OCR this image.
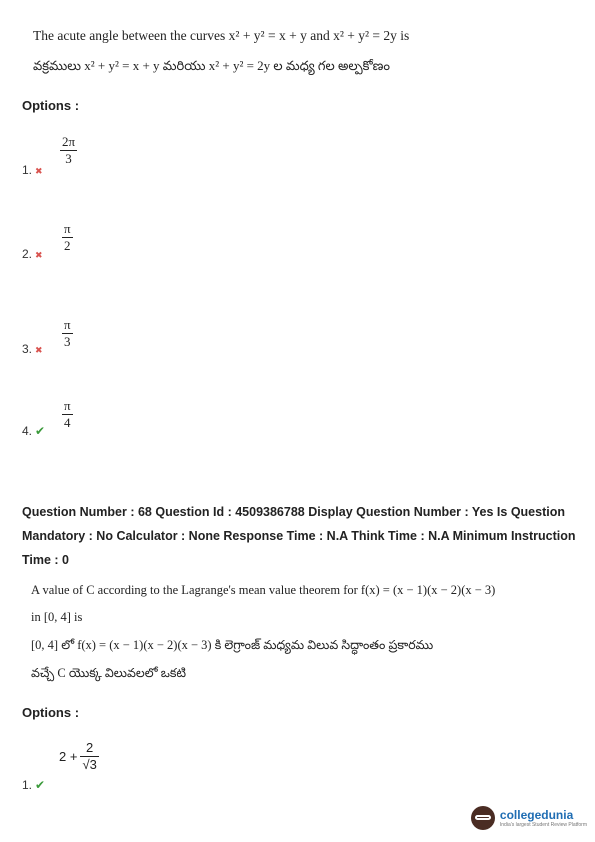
The acute angle between the curves x² + y² = x + y and x² + y² = 2y is
వక్రములు x² + y² = x + y మరియు x² + y² = 2y ల మధ్య గల అల్పకోణం
Options :
$\frac{2\pi}{3}$
1. ✖
$\frac{\pi}{2}$
2. ✖
$\frac{\pi}{3}$
3. ✖
$\frac{\pi}{4}$
4. ✔
Question Number : 68 Question Id : 4509386788 Display Question Number : Yes Is Question Mandatory : No Calculator : None Response Time : N.A Think Time : N.A Minimum Instruction Time : 0
A value of C according to the Lagrange's mean value theorem for f(x) = (x − 1)(x − 2)(x − 3)
in [0, 4] is
[0, 4] లో f(x) = (x − 1)(x − 2)(x − 3) కి లెగ్రాంజ్ మధ్యమ విలువ సిద్ధాంతం ప్రకారము
వచ్చే C యొక్క విలువలలో ఒకటి
Options :
$2 + \frac{2}{√3}$
1. ✔
collegedunia
India's largest Student Review Platform
